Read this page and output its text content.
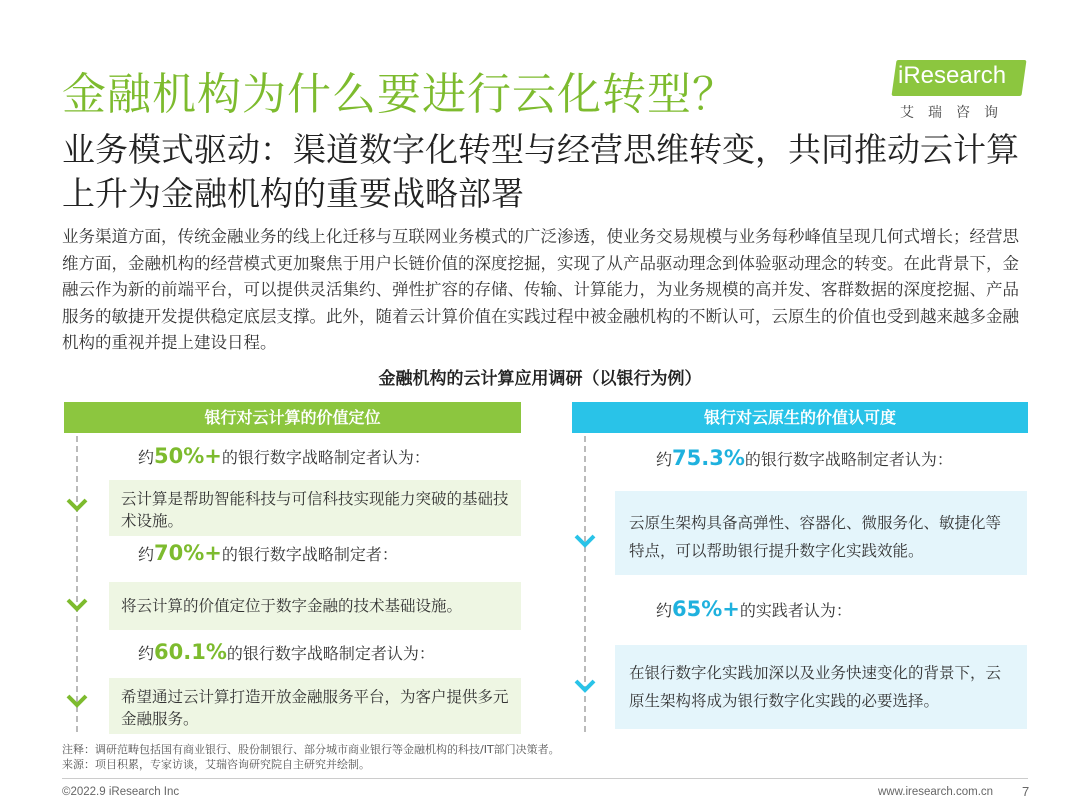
金融机构为什么要进行云化转型？	iResearch
艾瑞咨询
业务模式驱动：渠道数字化转型与经营思维转变，共同推动云计算上升为金融机构的重要战略部署
业务渠道方面，传统金融业务的线上化迁移与互联网业务模式的广泛渗透，使业务交易规模与业务每秒峰值呈现几何式增长；经营思维方面，金融机构的经营模式更加聚焦于用户长链价值的深度挖掘，实现了从产品驱动理念到体验驱动理念的转变。在此背景下，金融云作为新的前端平台，可以提供灵活集约、弹性扩容的存储、传输、计算能力，为业务规模的高并发、客群数据的深度挖掘、产品服务的敏捷开发提供稳定底层支撑。此外，随着云计算价值在实践过程中被金融机构的不断认可，云原生的价值也受到越来越多金融机构的重视并提上建设日程。
金融机构的云计算应用调研（以银行为例）
银行对云计算的价值定位
约50%+的银行数字战略制定者认为：
云计算是帮助智能科技与可信科技实现能力突破的基础技术设施。
约70%+的银行数字战略制定者：
将云计算的价值定位于数字金融的技术基础设施。
约60.1%的银行数字战略制定者认为：
希望通过云计算打造开放金融服务平台，为客户提供多元金融服务。
银行对云原生的价值认可度
约75.3%的银行数字战略制定者认为：
云原生架构具备高弹性、容器化、微服务化、敏捷化等特点，可以帮助银行提升数字化实践效能。
约65%+的实践者认为：
在银行数字化实践加深以及业务快速变化的背景下，云原生架构将成为银行数字化实践的必要选择。
注释：调研范畴包括国有商业银行、股份制银行、部分城市商业银行等金融机构的科技/IT部门决策者。
来源：项目积累，专家访谈，艾瑞咨询研究院自主研究并绘制。
©2022.9 iResearch Inc	www.iresearch.com.cn 7
